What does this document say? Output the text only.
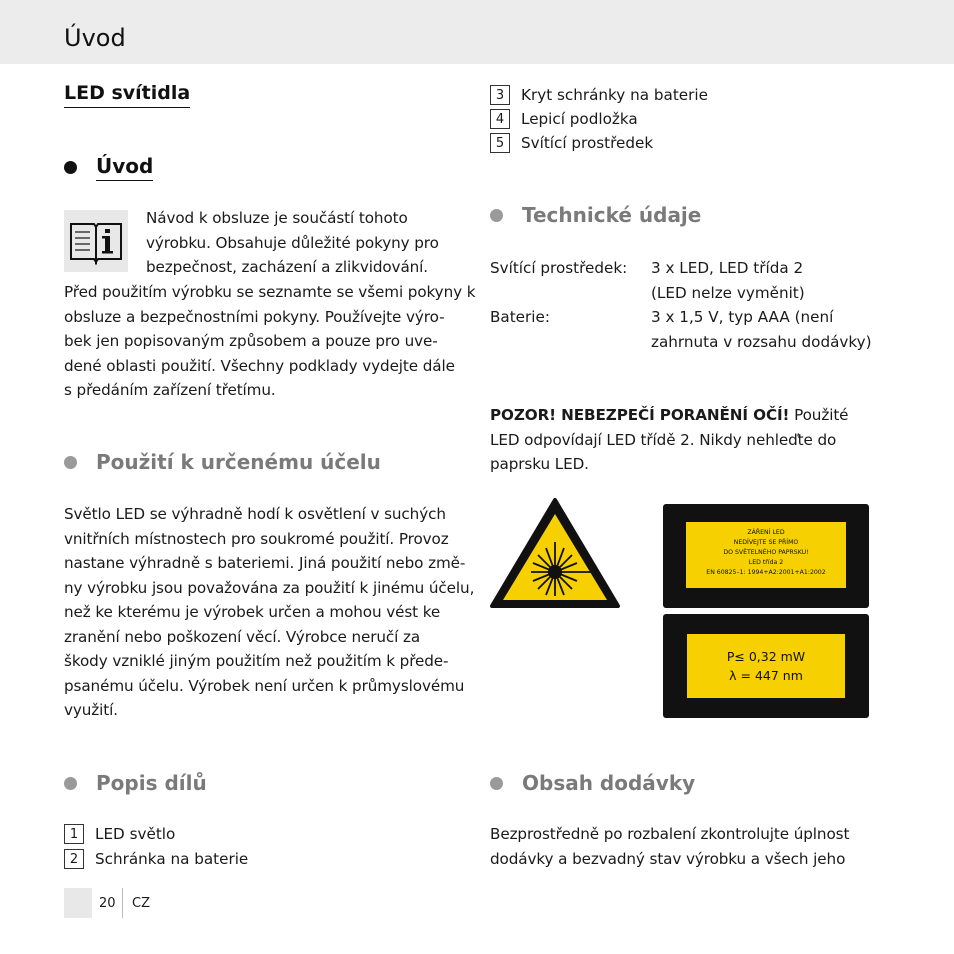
Úvod
LED svítidla
Úvod
Návod k obsluze je součástí tohoto
výrobku. Obsahuje důležité pokyny pro
bezpečnost, zacházení a zlikvidování.
Před použitím výrobku se seznamte se všemi pokyny k
obsluze a bezpečnostními pokyny. Používejte výro-
bek jen popisovaným způsobem a pouze pro uve-
dené oblasti použití. Všechny podklady vydejte dále
s předáním zařízení třetímu.
Použití k určenému účelu
Světlo LED se výhradně hodí k osvětlení v suchých
vnitřních místnostech pro soukromé použití. Provoz
nastane výhradně s bateriemi. Jiná použití nebo změ-
ny výrobku jsou považována za použití k jinému účelu,
než ke kterému je výrobek určen a mohou vést ke
zranění nebo poškození věcí. Výrobce neručí za
škody vzniklé jiným použitím než použitím k přede-
psanému účelu. Výrobek není určen k průmyslovému
využití.
Popis dílů
1	LED světlo
2	Schránka na baterie
3	Kryt schránky na baterie
4	Lepicí podložka
5	Svítící prostředek
Technické údaje
Svítící prostředek: 3 x LED, LED třída 2
(LED nelze vyměnit)
Baterie:	3 x 1,5 V, typ AAA (není
zahrnuta v rozsahu dodávky)
POZOR! NEBEZPEČÍ PORANĚNÍ OČÍ! Použité
LED odpovídají LED třídě 2. Nikdy nehleďte do
paprsku LED.
ZÁŘENÍ LED
NEDÍVEJTE SE PŘÍMO
DO SVĚTELNÉHO PAPRSKU!
LED třída 2
EN 60825–1: 1994+A2:2001+A1:2002
P≤ 0,32 mW
λ = 447 nm
Obsah dodávky
Bezprostředně po rozbalení zkontrolujte úplnost
dodávky a bezvadný stav výrobku a všech jeho
20 CZ
